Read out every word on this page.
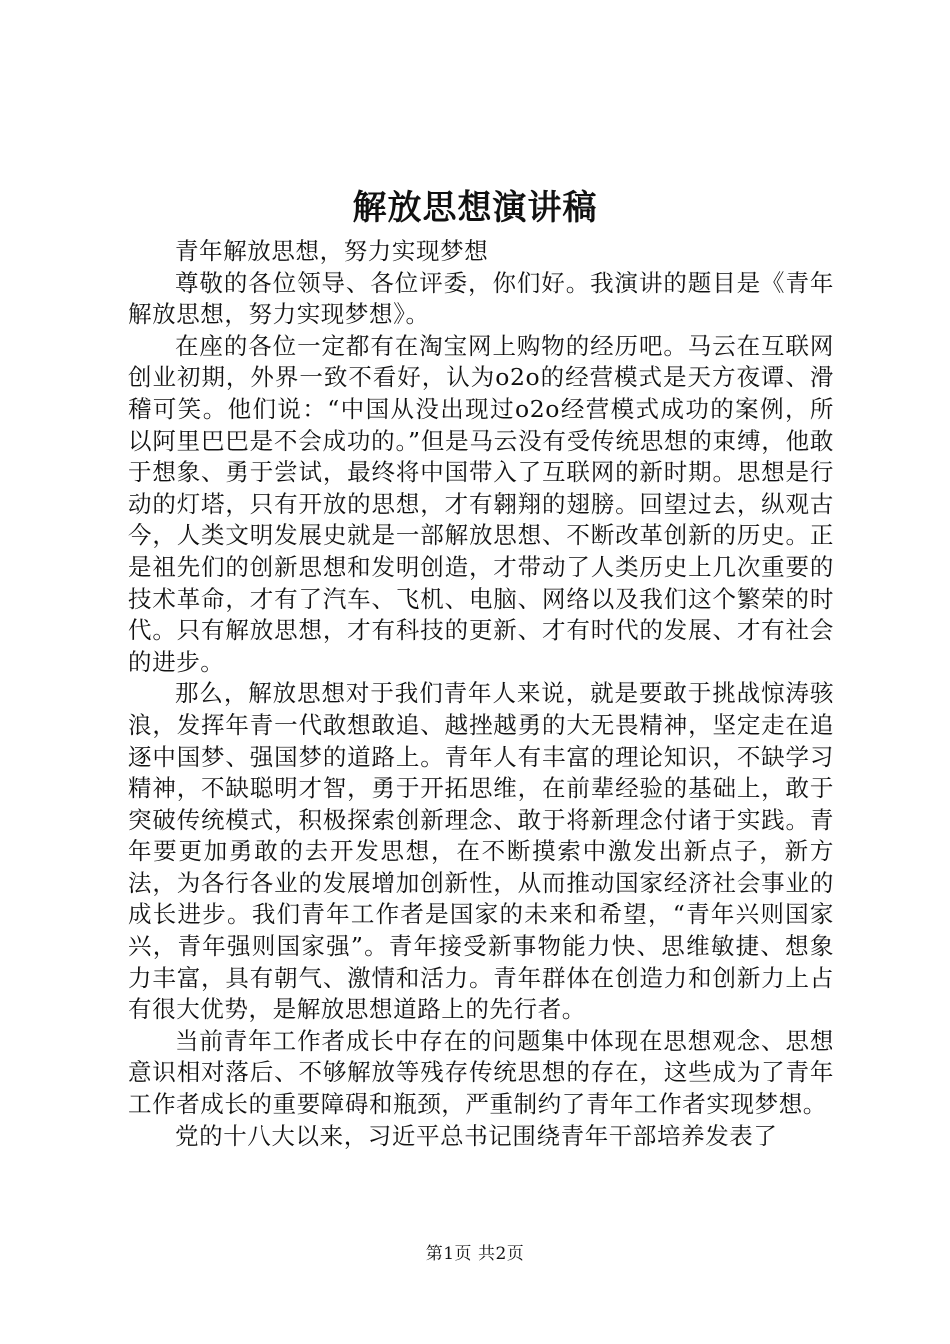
解放思想演讲稿

青年解放思想，努力实现梦想

尊敬的各位领导、各位评委，你们好。我演讲的题目是《青年解放思想，努力实现梦想》。

在座的各位一定都有在淘宝网上购物的经历吧。马云在互联网创业初期，外界一致不看好，认为o2o的经营模式是天方夜谭、滑稽可笑。他们说：“中国从没出现过o2o经营模式成功的案例，所以阿里巴巴是不会成功的。”但是马云没有受传统思想的束缚，他敢于想象、勇于尝试，最终将中国带入了互联网的新时期。思想是行动的灯塔，只有开放的思想，才有翱翔的翅膀。回望过去，纵观古今，人类文明发展史就是一部解放思想、不断改革创新的历史。正是祖先们的创新思想和发明创造，才带动了人类历史上几次重要的技术革命，才有了汽车、飞机、电脑、网络以及我们这个繁荣的时代。只有解放思想，才有科技的更新、才有时代的发展、才有社会的进步。

那么，解放思想对于我们青年人来说，就是要敢于挑战惊涛骇浪，发挥年青一代敢想敢追、越挫越勇的大无畏精神，坚定走在追逐中国梦、强国梦的道路上。青年人有丰富的理论知识，不缺学习精神，不缺聪明才智，勇于开拓思维，在前辈经验的基础上，敢于突破传统模式，积极探索创新理念、敢于将新理念付诸于实践。青年要更加勇敢的去开发思想，在不断摸索中激发出新点子，新方法，为各行各业的发展增加创新性，从而推动国家经济社会事业的成长进步。我们青年工作者是国家的未来和希望，“青年兴则国家兴，青年强则国家强”。青年接受新事物能力快、思维敏捷、想象力丰富，具有朝气、激情和活力。青年群体在创造力和创新力上占有很大优势，是解放思想道路上的先行者。

当前青年工作者成长中存在的问题集中体现在思想观念、思想意识相对落后、不够解放等残存传统思想的存在，这些成为了青年工作者成长的重要障碍和瓶颈，严重制约了青年工作者实现梦想。

党的十八大以来，习近平总书记围绕青年干部培养发表了

第1页 共2页
